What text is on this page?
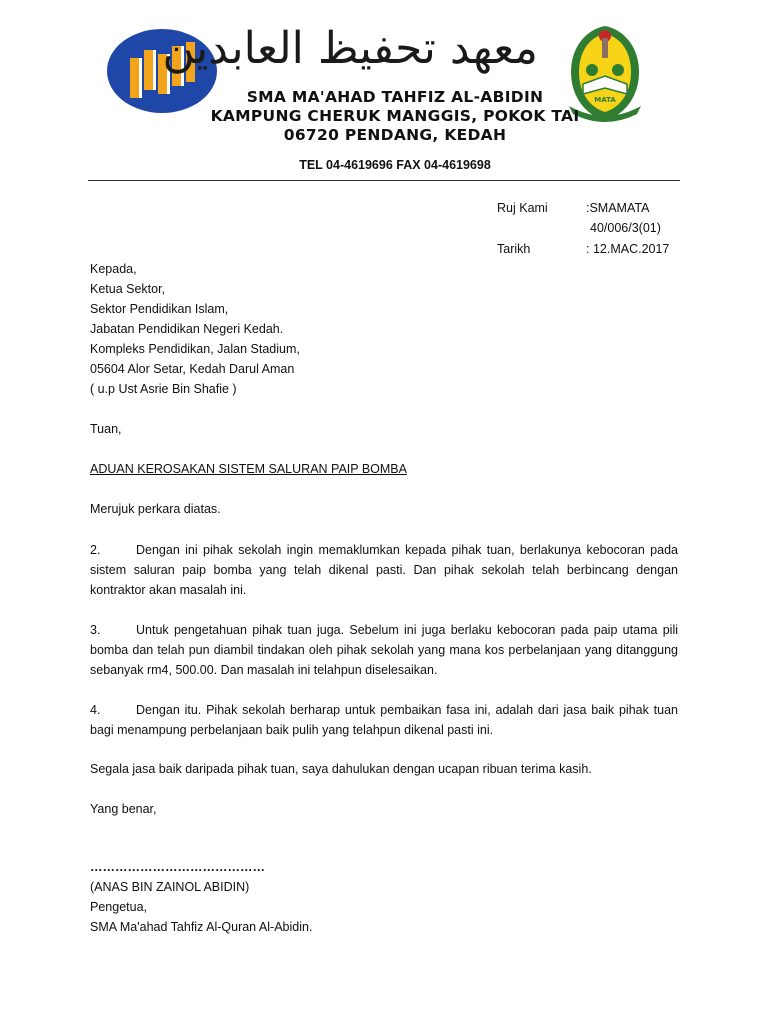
معهد تحفيظ العابدين
MATA
SMA MA'AHAD TAHFIZ AL-ABIDIN
KAMPUNG CHERUK MANGGIS, POKOK TAI
06720 PENDANG, KEDAH
TEL 04-4619696 FAX 04-4619698
Ruj Kami	:SMAMATA
40/006/3(01)
Tarikh	: 12.MAC.2017
Kepada,
Ketua Sektor,
Sektor Pendidikan Islam,
Jabatan Pendidikan Negeri Kedah.
Kompleks Pendidikan, Jalan Stadium,
05604 Alor Setar, Kedah Darul Aman
( u.p Ust Asrie Bin Shafie )
Tuan,
ADUAN KEROSAKAN SISTEM SALURAN PAIP BOMBA
Merujuk perkara diatas.
2.	Dengan ini pihak sekolah ingin memaklumkan kepada pihak tuan, berlakunya kebocoran pada sistem saluran paip bomba yang telah dikenal pasti. Dan pihak sekolah telah berbincang dengan kontraktor akan masalah ini.
3.	Untuk pengetahuan pihak tuan juga. Sebelum ini juga berlaku kebocoran pada paip utama pili bomba dan telah pun diambil tindakan oleh pihak sekolah yang mana kos perbelanjaan yang ditanggung sebanyak rm4, 500.00. Dan masalah ini telahpun diselesaikan.
4.	Dengan itu. Pihak sekolah berharap untuk pembaikan fasa ini, adalah dari jasa baik pihak tuan bagi menampung perbelanjaan baik pulih yang telahpun dikenal pasti ini.
Segala jasa baik daripada pihak tuan, saya dahulukan dengan ucapan ribuan terima kasih.
Yang benar,
……………………………………
(ANAS BIN ZAINOL ABIDIN)
Pengetua,
SMA Ma'ahad Tahfiz Al-Quran Al-Abidin.
